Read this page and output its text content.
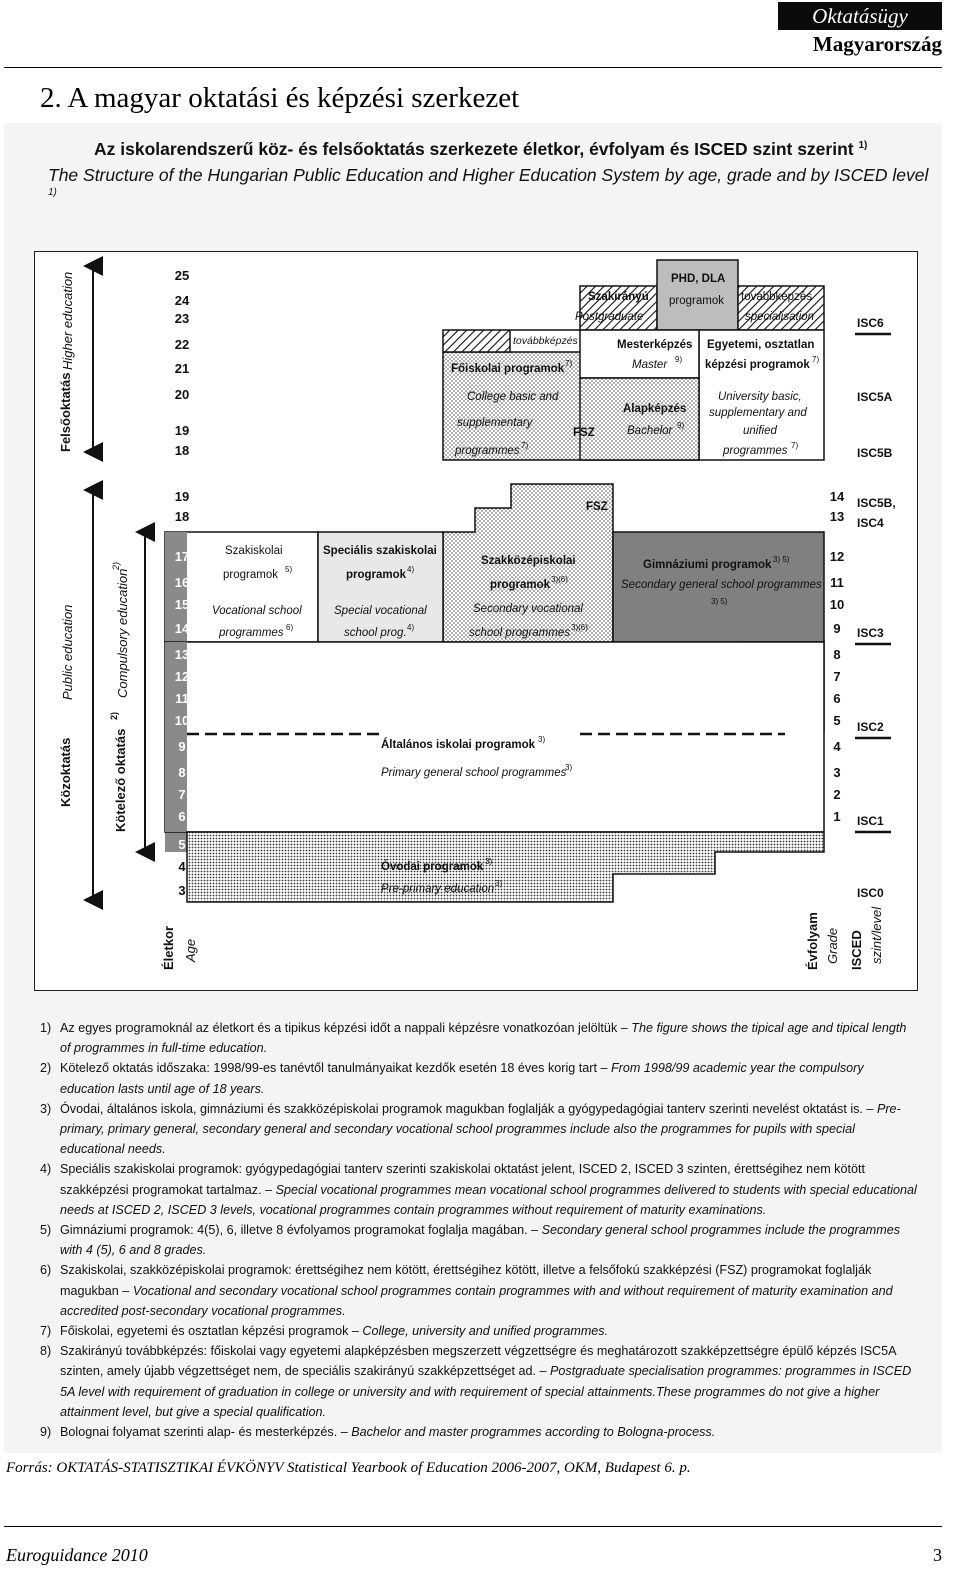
Oktatásügy
Magyarország
2. A magyar oktatási és képzési szerkezet
Az iskolarendszerű köz- és felsőoktatás szerkezete életkor, évfolyam és ISCED szint szerint $^{1)}$
The Structure of the Hungarian Public Education and Higher Education System by age, grade and by ISCED level $^{1)}$
Felsőoktatás
Közoktatás	Kötelező oktatás
2)
Életkor	Évfolyam ISCED
Higher education
Public education	Compulsory education
2)
Age	Grade szint/level
25
24
23
22
21
20
19
18
19
18
17
16
15
14
13
12
11
10
9
8
7
6
5
4
3
14
13
12
11
10
9
8
7
6
5
4
3
2
1
ISC6
ISC5A
ISC5B
ISC5B,
ISC4
ISC3
ISC2
ISC1
ISC0
PHD, DLA
programok
Szakirányú
Postgraduate
továbbképzés
továbbképzés
specialisation
Mesterképzés
Master 9)
Egyetemi, osztatlan
képzési programok 7)
University basic,
supplementary and
unified
programmes 7)
Főiskolai programok 7)
College basic and
supplementary
programmes 7)
FSZ
Alapképzés
Bachelor 9)
FSZ
Szakiskolai
programok 5)
Vocational school
programmes 6)
Speciális szakiskolai
programok 4)
Special vocational
school prog. 4)
Szakközépiskolai
programok 3)(6)
Secondary vocational
school programmes 3)(6)
Gimnáziumi programok 3) 5)
Secondary general school programmes
3) 5)
Általános iskolai programok 3)
Primary general school programmes
3)
Óvodai programok 3)
Pre-primary education 3)
1) Az egyes programoknál az életkort és a tipikus képzési időt a nappali képzésre vonatkozóan jelöltük – The figure shows the tipical age and tipical length of programmes in full-time education.
2) Kötelező oktatás időszaka: 1998/99-es tanévtől tanulmányaikat kezdők esetén 18 éves korig tart – From 1998/99 academic year the compulsory education lasts until age of 18 years.
3) Óvodai, általános iskola, gimnáziumi és szakközépiskolai programok magukban foglalják a gyógypedagógiai tanterv szerinti nevelést oktatást is. – Pre-primary, primary general, secondary general and secondary vocational school programmes include also the programmes for pupils with special educational needs.
4) Speciális szakiskolai programok: gyógypedagógiai tanterv szerinti szakiskolai oktatást jelent, ISCED 2, ISCED 3 szinten, érettségihez nem kötött szakképzési programokat tartalmaz. – Special vocational programmes mean vocational school programmes delivered to students with special educational needs at ISCED 2, ISCED 3 levels, vocational programmes contain programmes without requirement of maturity examinations.
5) Gimnáziumi programok: 4(5), 6, illetve 8 évfolyamos programokat foglalja magában. – Secondary general school programmes include the programmes with 4 (5), 6 and 8 grades.
6) Szakiskolai, szakközépiskolai programok: érettségihez nem kötött, érettségihez kötött, illetve a felsőfokú szakképzési (FSZ) programokat foglalják magukban – Vocational and secondary vocational school programmes contain programmes with and without requirement of maturity examination and accredited post-secondary vocational programmes.
7) Főiskolai, egyetemi és osztatlan képzési programok – College, university and unified programmes.
8) Szakirányú továbbképzés: főiskolai vagy egyetemi alapképzésben megszerzett végzettségre és meghatározott szakképzettségre épülő képzés ISC5A szinten, amely újabb végzettséget nem, de speciális szakirányú szakképzettséget ad. – Postgraduate specialisation programmes: programmes in ISCED 5A level with requirement of graduation in college or university and with requirement of special attainments.These programmes do not give a higher attainment level, but give a special qualification.
9) Bolognai folyamat szerinti alap- és mesterképzés. – Bachelor and master programmes according to Bologna-process.
Forrás: OKTATÁS-STATISZTIKAI ÉVKÖNYV Statistical Yearbook of Education 2006-2007, OKM, Budapest 6. p.
Euroguidance 2010	3
